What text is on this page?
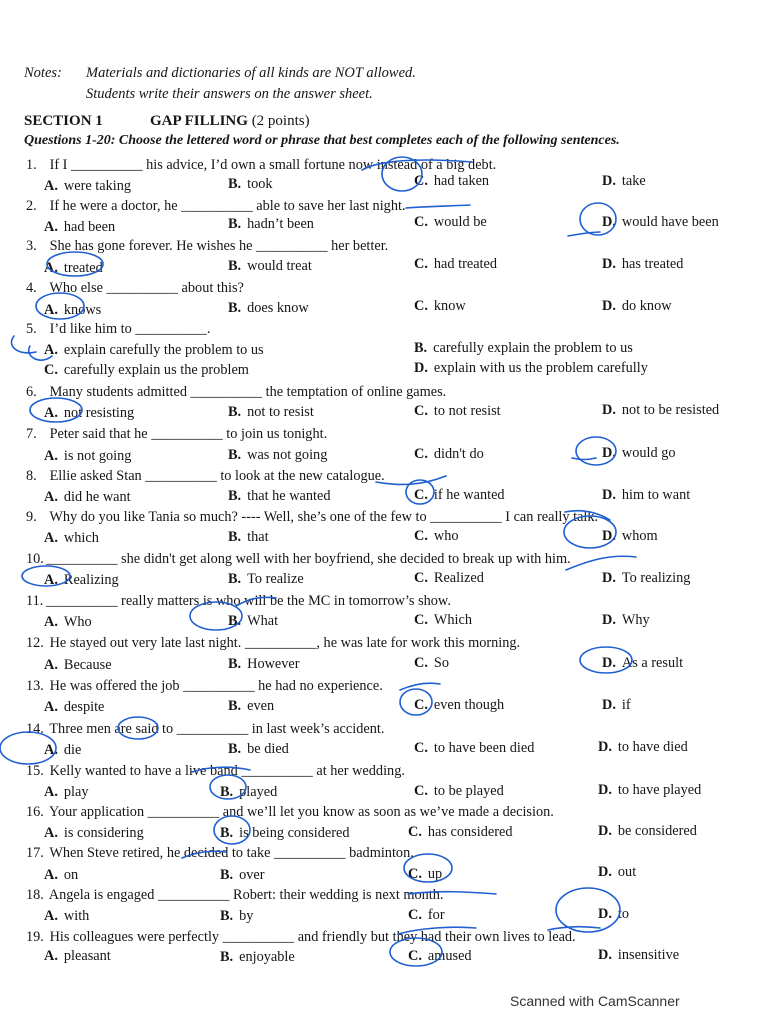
Notes:	Materials and dictionaries of all kinds are NOT allowed.
Students write their answers on the answer sheet.
SECTION 1	GAP FILLING (2 points)
Questions 1-20: Choose the lettered word or phrase that best completes each of the following sentences.
1. If I __________ his advice, I’d own a small fortune now instead of a big debt.
A. were taking	B. took	C. had taken	D. take
2. If he were a doctor, he __________ able to save her last night.
A. had been	B. hadn’t been	C. would be	D. would have been
3. She has gone forever. He wishes he __________ her better.
A. treated	B. would treat	C. had treated	D. has treated
4. Who else __________ about this?
A. knows	B. does know	C. know	D. do know
5. I’d like him to __________.
A. explain carefully the problem to us	B. carefully explain the problem to us
C. carefully explain us the problem	D. explain with us the problem carefully
6. Many students admitted __________ the temptation of online games.
A. not resisting	B. not to resist	C. to not resist	D. not to be resisted
7. Peter said that he __________ to join us tonight.
A. is not going	B. was not going	C. didn't do	D. would go
8. Ellie asked Stan __________ to look at the new catalogue.
A. did he want	B. that he wanted	C. if he wanted	D. him to want
9. Why do you like Tania so much? ---- Well, she’s one of the few to __________ I can really talk.
A. which	B. that	C. who	D. whom
10. __________ she didn't get along well with her boyfriend, she decided to break up with him.
A. Realizing	B. To realize	C. Realized	D. To realizing
11. __________ really matters is who will be the MC in tomorrow’s show.
A. Who	B. What	C. Which	D. Why
12. He stayed out very late last night. __________, he was late for work this morning.
A. Because	B. However	C. So	D. As a result
13. He was offered the job __________ he had no experience.
A. despite	B. even	C. even though	D. if
14. Three men are said to __________ in last week’s accident.
A. die	B. be died	C. to have been died	D. to have died
15. Kelly wanted to have a live band __________ at her wedding.
A. play	B. played	C. to be played	D. to have played
16. Your application __________ and we’ll let you know as soon as we’ve made a decision.
A. is considering	B. is being considered	C. has considered	D. be considered
17. When Steve retired, he decided to take __________ badminton.
A. on	B. over	C. up	D. out
18. Angela is engaged __________ Robert: their wedding is next month.
A. with	B. by	C. for	D. to
19. His colleagues were perfectly __________ and friendly but they had their own lives to lead.
A. pleasant	B. enjoyable	C. amused	D. insensitive
Scanned with CamScanner
